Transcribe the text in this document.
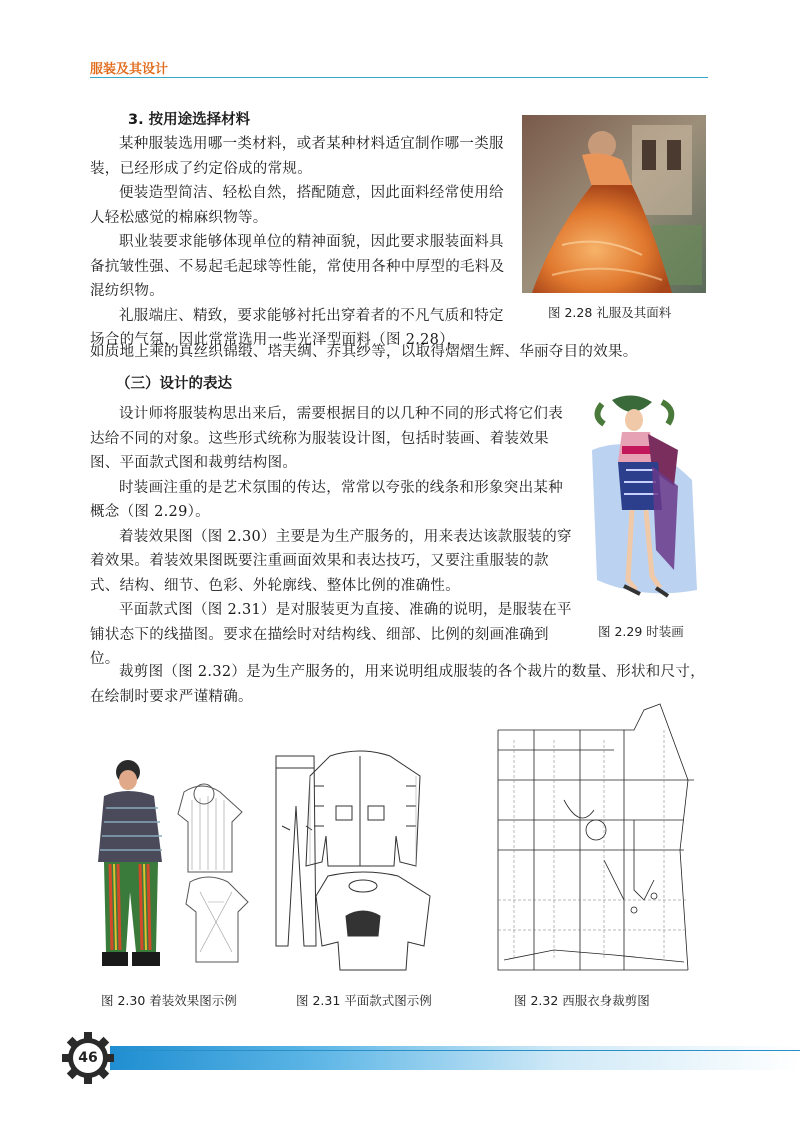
服装及其设计
3. 按用途选择材料

某种服装选用哪一类材料，或者某种材料适宜制作哪一类服装，已经形成了约定俗成的常规。

便装造型简洁、轻松自然，搭配随意，因此面料经常使用给人轻松感觉的棉麻织物等。

职业装要求能够体现单位的精神面貌，因此要求服装面料具备抗皱性强、不易起毛起球等性能，常使用各种中厚型的毛料及混纺织物。

礼服端庄、精致，要求能够衬托出穿着者的不凡气质和特定场合的气氛，因此常常选用一些光泽型面料（图 2.28），

如质地上乘的真丝织锦缎、塔夫绸、乔其纱等，以取得熠熠生辉、华丽夺目的效果。

图 2.28 礼服及其面料
（三）设计的表达

设计师将服装构思出来后，需要根据目的以几种不同的形式将它们表达给不同的对象。这些形式统称为服装设计图，包括时装画、着装效果图、平面款式图和裁剪结构图。

时装画注重的是艺术氛围的传达，常常以夸张的线条和形象突出某种概念（图 2.29）。

着装效果图（图 2.30）主要是为生产服务的，用来表达该款服装的穿着效果。着装效果图既要注重画面效果和表达技巧，又要注重服装的款式、结构、细节、色彩、外轮廓线、整体比例的准确性。

平面款式图（图 2.31）是对服装更为直接、准确的说明，是服装在平铺状态下的线描图。要求在描绘时对结构线、细部、比例的刻画准确到位。

裁剪图（图 2.32）是为生产服务的，用来说明组成服装的各个裁片的数量、形状和尺寸，在绘制时要求严谨精确。

图 2.29 时装画
图 2.30 着装效果图示例	图 2.31 平面款式图示例	图 2.32 西服衣身裁剪图
46
